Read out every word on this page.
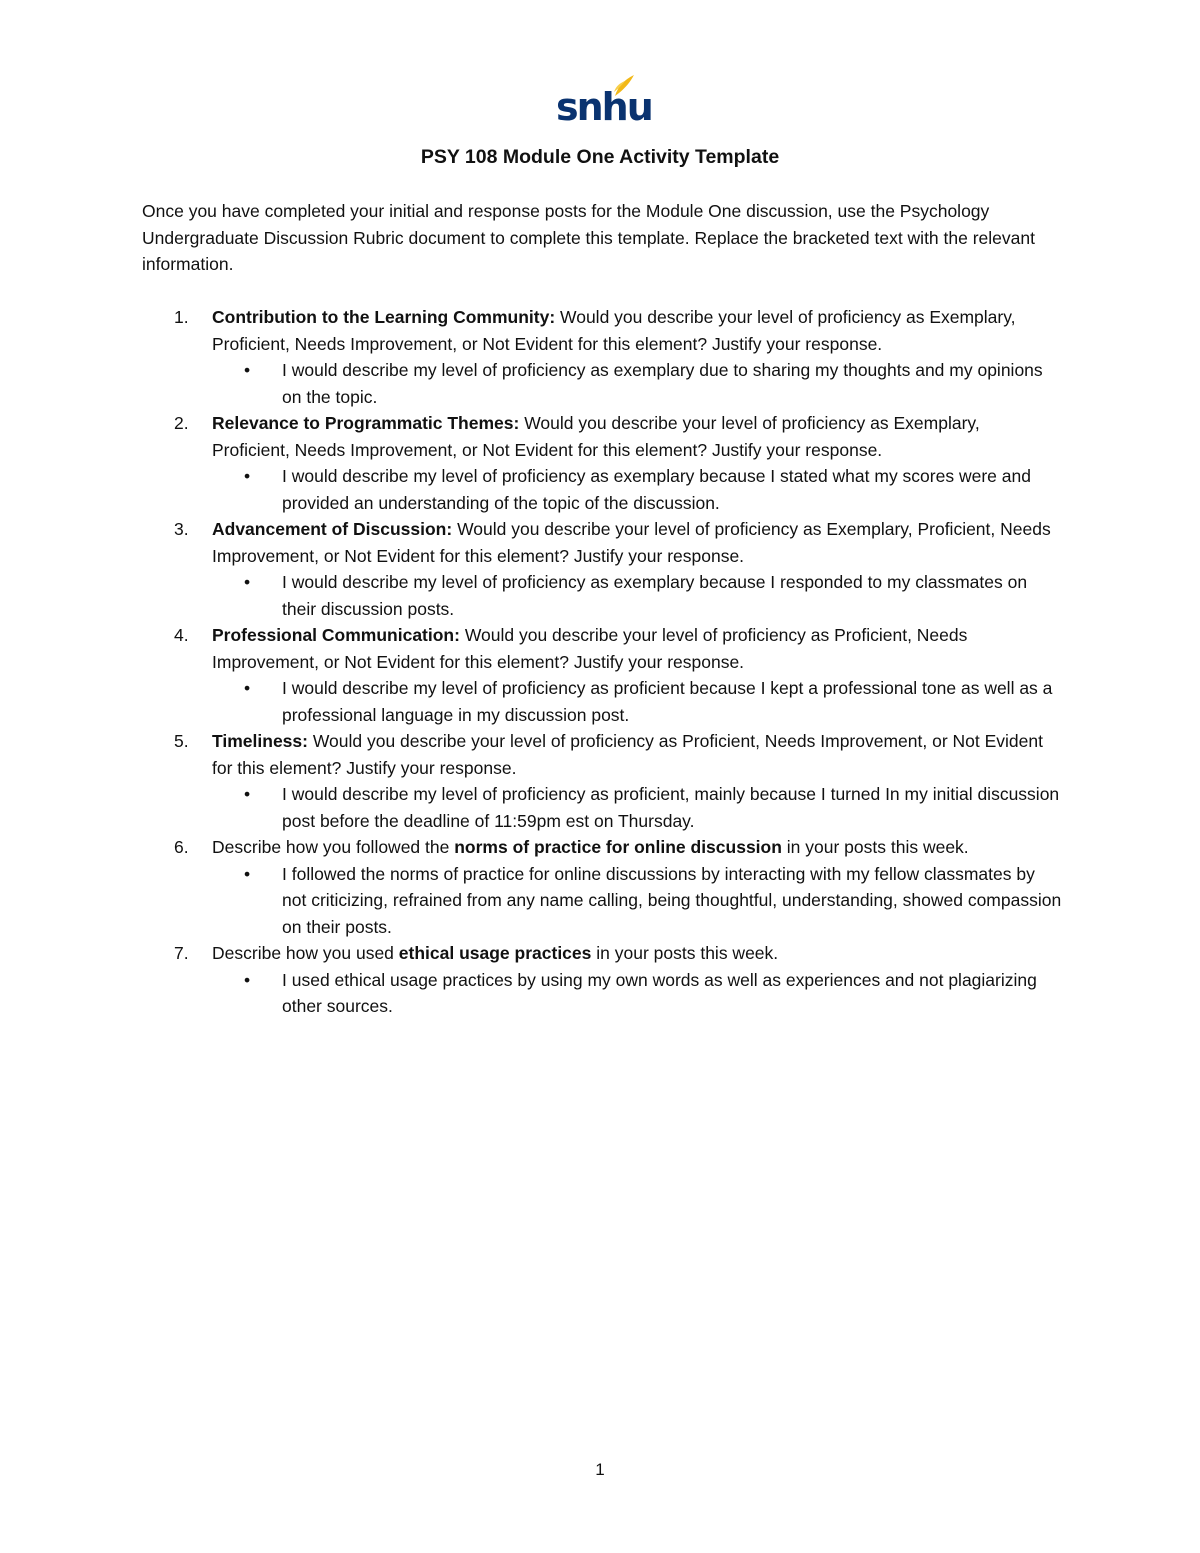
snhu
PSY 108 Module One Activity Template
Once you have completed your initial and response posts for the Module One discussion, use the Psychology Undergraduate Discussion Rubric document to complete this template. Replace the bracketed text with the relevant information.
1. Contribution to the Learning Community: Would you describe your level of proficiency as Exemplary, Proficient, Needs Improvement, or Not Evident for this element? Justify your response.
• I would describe my level of proficiency as exemplary due to sharing my thoughts and my opinions on the topic.
2. Relevance to Programmatic Themes: Would you describe your level of proficiency as Exemplary, Proficient, Needs Improvement, or Not Evident for this element? Justify your response.
• I would describe my level of proficiency as exemplary because I stated what my scores were and provided an understanding of the topic of the discussion.
3. Advancement of Discussion: Would you describe your level of proficiency as Exemplary, Proficient, Needs Improvement, or Not Evident for this element? Justify your response.
• I would describe my level of proficiency as exemplary because I responded to my classmates on their discussion posts.
4. Professional Communication: Would you describe your level of proficiency as Proficient, Needs Improvement, or Not Evident for this element? Justify your response.
• I would describe my level of proficiency as proficient because I kept a professional tone as well as a professional language in my discussion post.
5. Timeliness: Would you describe your level of proficiency as Proficient, Needs Improvement, or Not Evident for this element? Justify your response.
• I would describe my level of proficiency as proficient, mainly because I turned In my initial discussion post before the deadline of 11:59pm est on Thursday.
6. Describe how you followed the norms of practice for online discussion in your posts this week.
• I followed the norms of practice for online discussions by interacting with my fellow classmates by not criticizing, refrained from any name calling, being thoughtful, understanding, showed compassion on their posts.
7. Describe how you used ethical usage practices in your posts this week.
• I used ethical usage practices by using my own words as well as experiences and not plagiarizing other sources.
1
